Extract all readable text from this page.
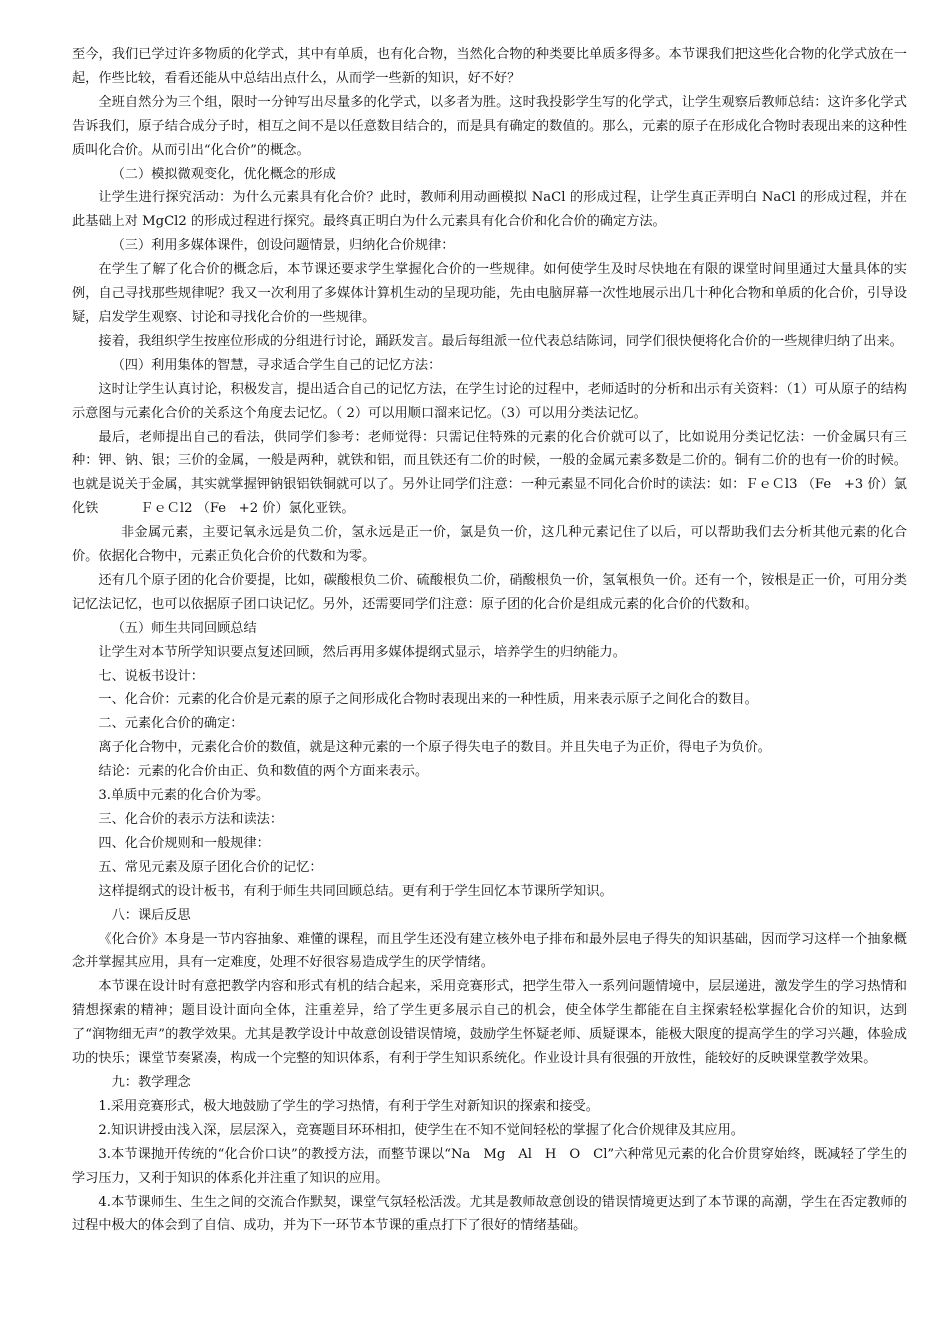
至今，我们已学过许多物质的化学式，其中有单质，也有化合物，当然化合物的种类要比单质多得多。本节课我们把这些化合物的化学式放在一起，作些比较，看看还能从中总结出点什么，从而学一些新的知识，好不好？

全班自然分为三个组，限时一分钟写出尽量多的化学式，以多者为胜。这时我投影学生写的化学式，让学生观察后教师总结：这许多化学式告诉我们，原子结合成分子时，相互之间不是以任意数目结合的，而是具有确定的数值的。那么，元素的原子在形成化合物时表现出来的这种性质叫化合价。从而引出“化合价”的概念。

（二）模拟微观变化，优化概念的形成

让学生进行探究活动：为什么元素具有化合价？此时，教师利用动画模拟 NaCl 的形成过程，让学生真正弄明白 NaCl 的形成过程，并在此基础上对 MgCl2 的形成过程进行探究。最终真正明白为什么元素具有化合价和化合价的确定方法。

（三）利用多媒体课件，创设问题情景，归纳化合价规律：

在学生了解了化合价的概念后，本节课还要求学生掌握化合价的一些规律。如何使学生及时尽快地在有限的课堂时间里通过大量具体的实例，自己寻找那些规律呢？我又一次利用了多媒体计算机生动的呈现功能，先由电脑屏幕一次性地展示出几十种化合物和单质的化合价，引导设疑，启发学生观察、讨论和寻找化合价的一些规律。

接着，我组织学生按座位形成的分组进行讨论，踊跃发言。最后每组派一位代表总结陈词，同学们很快便将化合价的一些规律归纳了出来。

（四）利用集体的智慧，寻求适合学生自己的记忆方法：

这时让学生认真讨论，积极发言，提出适合自己的记忆方法，在学生讨论的过程中，老师适时的分析和出示有关资料：（1）可从原子的结构示意图与元素化合价的关系这个角度去记忆。（ 2）可以用顺口溜来记忆。（3）可以用分类法记忆。

最后，老师提出自己的看法，供同学们参考：老师觉得：只需记住特殊的元素的化合价就可以了，比如说用分类记忆法：一价金属只有三种：钾、钠、银；三价的金属，一般是两种，就铁和铝，而且铁还有二价的时候，一般的金属元素多数是二价的。铜有二价的也有一价的时候。也就是说关于金属，其实就掌握钾钠银铝铁铜就可以了。另外让同学们注意：一种元素显不同化合价时的读法：如：ＦｅＣl3 （Fe   +3 价）氯化铁          ＦｅＣl2 （Fe   +2 价）氯化亚铁。

非金属元素，主要记氧永远是负二价，氢永远是正一价，氯是负一价，这几种元素记住了以后，可以帮助我们去分析其他元素的化合价。依据化合物中，元素正负化合价的代数和为零。

还有几个原子团的化合价要提，比如，碳酸根负二价、硫酸根负二价，硝酸根负一价，氢氧根负一价。还有一个，铵根是正一价，可用分类记忆法记忆，也可以依据原子团口诀记忆。另外，还需要同学们注意：原子团的化合价是组成元素的化合价的代数和。

（五）师生共同回顾总结

让学生对本节所学知识要点复述回顾，然后再用多媒体提纲式显示，培养学生的归纳能力。

七、说板书设计：

一、化合价：元素的化合价是元素的原子之间形成化合物时表现出来的一种性质，用来表示原子之间化合的数目。

二、元素化合价的确定：

离子化合物中，元素化合价的数值，就是这种元素的一个原子得失电子的数目。并且失电子为正价，得电子为负价。

结论：元素的化合价由正、负和数值的两个方面来表示。

3.单质中元素的化合价为零。

三、化合价的表示方法和读法：

四、化合价规则和一般规律：

五、常见元素及原子团化合价的记忆：

这样提纲式的设计板书，有利于师生共同回顾总结。更有利于学生回忆本节课所学知识。

八：课后反思

《化合价》本身是一节内容抽象、难懂的课程，而且学生还没有建立核外电子排布和最外层电子得失的知识基础，因而学习这样一个抽象概念并掌握其应用，具有一定难度，处理不好很容易造成学生的厌学情绪。

本节课在设计时有意把教学内容和形式有机的结合起来，采用竞赛形式，把学生带入一系列问题情境中，层层递进，激发学生的学习热情和猜想探索的精神；题目设计面向全体，注重差异，给了学生更多展示自己的机会，使全体学生都能在自主探索轻松掌握化合价的知识，达到了“润物细无声”的教学效果。尤其是教学设计中故意创设错误情境，鼓励学生怀疑老师、质疑课本，能极大限度的提高学生的学习兴趣，体验成功的快乐；课堂节奏紧凑，构成一个完整的知识体系，有利于学生知识系统化。作业设计具有很强的开放性，能较好的反映课堂教学效果。

九：教学理念

1.采用竞赛形式，极大地鼓励了学生的学习热情，有利于学生对新知识的探索和接受。

2.知识讲授由浅入深，层层深入，竞赛题目环环相扣，使学生在不知不觉间轻松的掌握了化合价规律及其应用。

3.本节课抛开传统的“化合价口诀”的教授方法，而整节课以“Na   Mg   Al   H   O   Cl”六种常见元素的化合价贯穿始终，既减轻了学生的学习压力，又利于知识的体系化并注重了知识的应用。

4.本节课师生、生生之间的交流合作默契，课堂气氛轻松活泼。尤其是教师故意创设的错误情境更达到了本节课的高潮，学生在否定教师的过程中极大的体会到了自信、成功，并为下一环节本节课的重点打下了很好的情绪基础。
